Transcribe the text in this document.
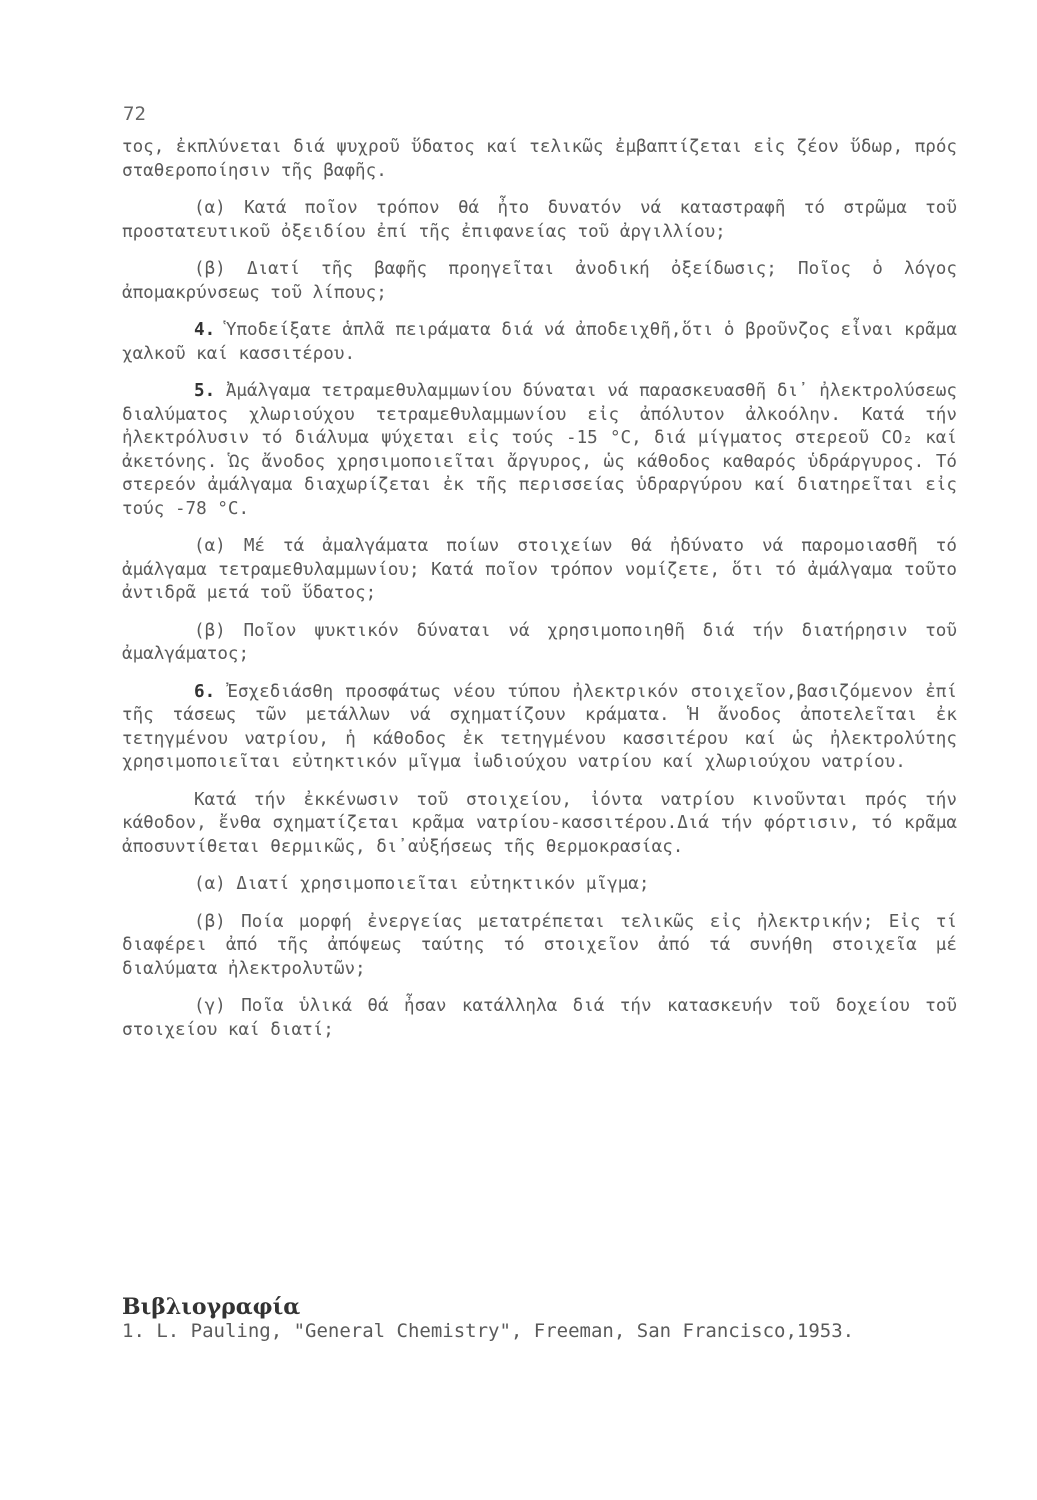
72

τος, ἐκπλύνεται διά ψυχροῦ ὕδατος καί τελικῶς ἐμβαπτίζεται εἰς ζέον ὕδωρ, πρός σταθεροποίησιν τῆς βαφῆς.

(α) Κατά ποῖον τρόπον θά ἦτο δυνατόν νά καταστραφῆ τό στρῶμα τοῦ προστατευτικοῦ ὀξειδίου ἐπί τῆς ἐπιφανείας τοῦ ἀργιλλίου;

(β) Διατί τῆς βαφῆς προηγεῖται ἀνοδική ὀξείδωσις; Ποῖος ὁ λόγος ἀπομακρύνσεως τοῦ λίπους;

4. Ὑποδείξατε ἁπλᾶ πειράματα διά νά ἀποδειχθῆ,ὅτι ὁ βροῦνζος εἶναι κρᾶμα χαλκοῦ καί κασσιτέρου.

5. Ἀμάλγαμα τετραμεθυλαμμωνίου δύναται νά παρασκευασθῆ δι᾽ ἠλεκτρολύσεως διαλύματος χλωριούχου τετραμεθυλαμμωνίου εἰς ἀπόλυτον ἀλκοόλην. Κατά τήν ἠλεκτρόλυσιν τό διάλυμα ψύχεται εἰς τούς -15 °C, διά μίγματος στερεοῦ CO₂ καί ἀκετόνης. Ὡς ἄνοδος χρησιμοποιεῖται ἄργυρος, ὡς κάθοδος καθαρός ὑδράργυρος. Τό στερεόν ἀμάλγαμα διαχωρίζεται ἐκ τῆς περισσείας ὑδραργύρου καί διατηρεῖται εἰς τούς -78 °C.

(α) Μέ τά ἀμαλγάματα ποίων στοιχείων θά ἠδύνατο νά παρομοιασθῆ τό ἀμάλγαμα τετραμεθυλαμμωνίου; Κατά ποῖον τρόπον νομίζετε, ὅτι τό ἀμάλγαμα τοῦτο ἀντιδρᾶ μετά τοῦ ὕδατος;

(β) Ποῖον ψυκτικόν δύναται νά χρησιμοποιηθῆ διά τήν διατήρησιν τοῦ ἀμαλγάματος;

6. Ἐσχεδιάσθη προσφάτως νέου τύπου ἠλεκτρικόν στοιχεῖον,βασιζόμενον ἐπί τῆς τάσεως τῶν μετάλλων νά σχηματίζουν κράματα. Ἡ ἄνοδος ἀποτελεῖται ἐκ τετηγμένου νατρίου, ἡ κάθοδος ἐκ τετηγμένου κασσιτέρου καί ὡς ἠλεκτρολύτης χρησιμοποιεῖται εὐτηκτικόν μῖγμα ἰωδιούχου νατρίου καί χλωριούχου νατρίου.

Κατά τήν ἐκκένωσιν τοῦ στοιχείου, ἰόντα νατρίου κινοῦνται πρός τήν κάθοδον, ἔνθα σχηματίζεται κρᾶμα νατρίου-κασσιτέρου.Διά τήν φόρτισιν, τό κρᾶμα ἀποσυντίθεται θερμικῶς, δι᾽αὐξήσεως τῆς θερμοκρασίας.

(α) Διατί χρησιμοποιεῖται εὐτηκτικόν μῖγμα;

(β) Ποία μορφή ἐνεργείας μετατρέπεται τελικῶς εἰς ἠλεκτρικήν; Εἰς τί διαφέρει ἀπό τῆς ἀπόψεως ταύτης τό στοιχεῖον ἀπό τά συνήθη στοιχεῖα μέ διαλύματα ἠλεκτρολυτῶν;

(γ) Ποῖα ὑλικά θά ἦσαν κατάλληλα διά τήν κατασκευήν τοῦ δοχείου τοῦ στοιχείου καί διατί;

Βιβλιογραφία
1. L. Pauling, "General Chemistry", Freeman, San Francisco,1953.
